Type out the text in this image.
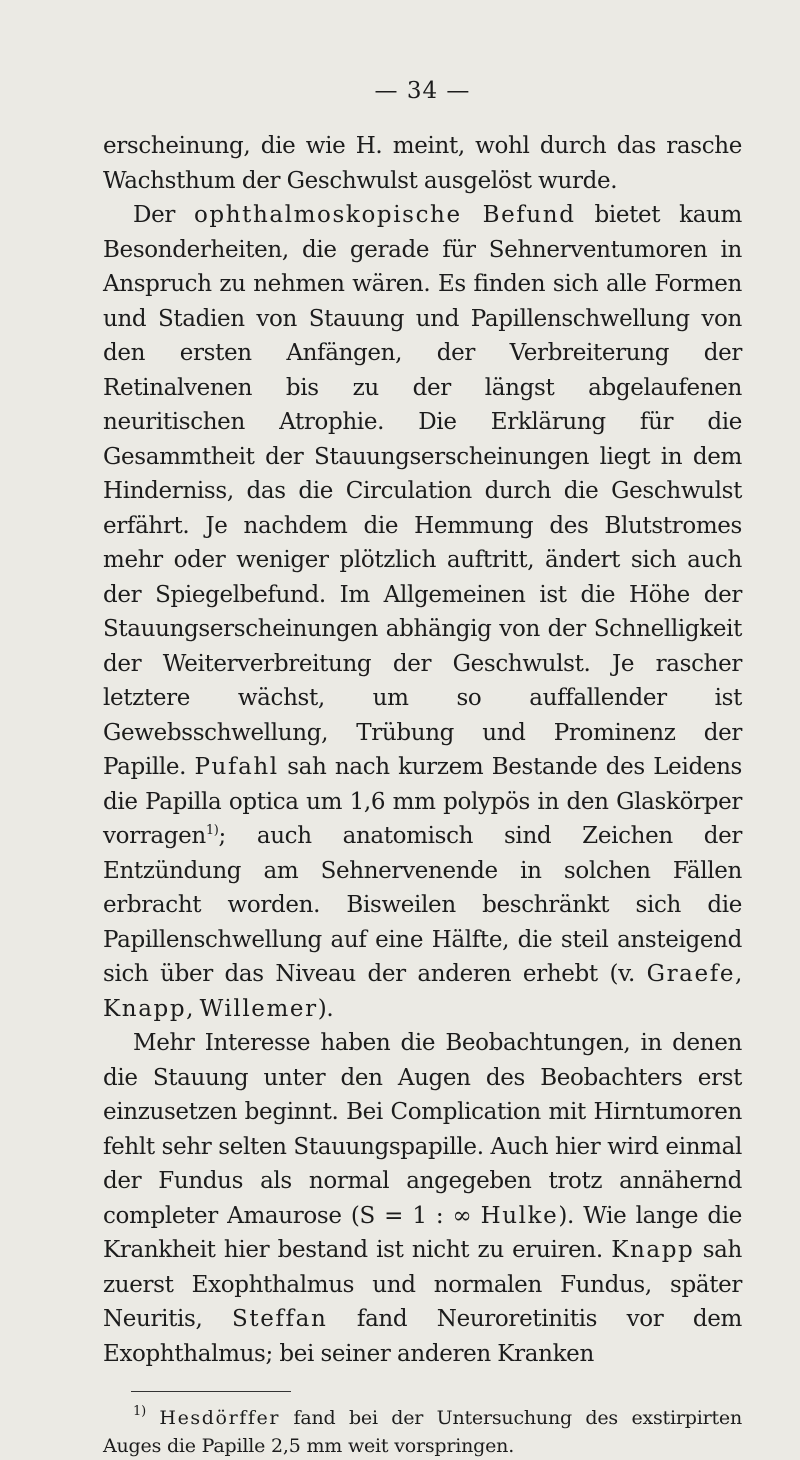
— 34 —

erscheinung, die wie H. meint, wohl durch das rasche Wachsthum der Geschwulst ausgelöst wurde.

Der ophthalmoskopische Befund bietet kaum Besonderheiten, die gerade für Sehnerventumoren in Anspruch zu nehmen wären. Es finden sich alle Formen und Stadien von Stauung und Papillenschwellung von den ersten Anfängen, der Verbreiterung der Retinalvenen bis zu der längst abgelaufenen neuritischen Atrophie. Die Erklärung für die Gesammtheit der Stauungserscheinungen liegt in dem Hinderniss, das die Circulation durch die Geschwulst erfährt. Je nachdem die Hemmung des Blutstromes mehr oder weniger plötzlich auftritt, ändert sich auch der Spiegelbefund. Im Allgemeinen ist die Höhe der Stauungserscheinungen abhängig von der Schnelligkeit der Weiterverbreitung der Geschwulst. Je rascher letztere wächst, um so auffallender ist Gewebsschwellung, Trübung und Prominenz der Papille. Pufahl sah nach kurzem Bestande des Leidens die Papilla optica um 1,6 mm polypös in den Glaskörper vorragen$^{1)}$; auch anatomisch sind Zeichen der Entzündung am Sehnervenende in solchen Fällen erbracht worden. Bisweilen beschränkt sich die Papillenschwellung auf eine Hälfte, die steil ansteigend sich über das Niveau der anderen erhebt (v. Graefe, Knapp, Willemer).

Mehr Interesse haben die Beobachtungen, in denen die Stauung unter den Augen des Beobachters erst einzusetzen beginnt. Bei Complication mit Hirntumoren fehlt sehr selten Stauungspapille. Auch hier wird einmal der Fundus als normal angegeben trotz annähernd completer Amaurose (S = 1 : ∞ Hulke). Wie lange die Krankheit hier bestand ist nicht zu eruiren. Knapp sah zuerst Exophthalmus und normalen Fundus, später Neuritis, Steffan fand Neuroretinitis vor dem Exophthalmus; bei seiner anderen Kranken

$^{1)}$ Hesdörffer fand bei der Untersuchung des exstirpirten Auges die Papille 2,5 mm weit vorspringen.
